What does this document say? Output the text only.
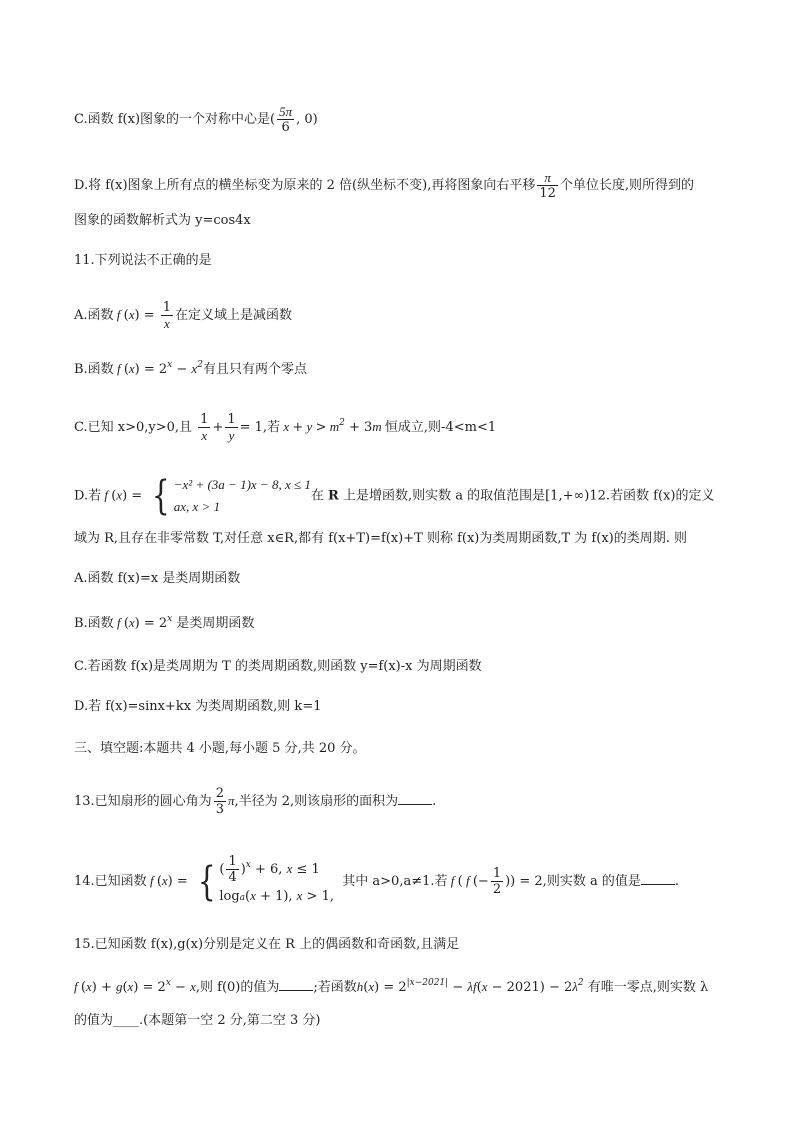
C.函数 f(x)图象的一个对称中心是( $\frac{5\pi}{6}$ , 0)
D.将 f(x)图象上所有点的横坐标变为原来的 2 倍(纵坐标不变),再将图象向右平移 $\frac{\pi}{12}$ 个单位长度,则所得到的
图象的函数解析式为 y=cos4x
11.下列说法不正确的是
A.函数 f $(x) = \frac{1}{x}$ 在定义域上是减函数
B.函数 f $(x) = 2^x - x^2$有且只有两个零点
C.已知 x>0,y>0,且 $\frac{1}{x} + \frac{1}{y} = 1$,若 $x + y > m^2 + 3m$ 恒成立,则-4<m<1
D.若 f (x) = { −x² + (3a − 1)x − 8, x ≤ 1
ax, x > 1
在 R 上是增函数,则实数 a 的取值范围是[1,+∞)12.若函数 f(x)的定义
域为 R,且存在非零常数 T,对任意 x∈R,都有 f(x+T)=f(x)+T 则称 f(x)为类周期函数,T 为 f(x)的类周期. 则
A.函数 f(x)=x 是类周期函数
B.函数 f $(x) = 2^x$ 是类周期函数
C.若函数 f(x)是类周期为 T 的类周期函数,则函数 y=f(x)-x 为周期函数
D.若 f(x)=sinx+kx 为类周期函数,则 k=1
三、填空题:本题共 4 小题,每小题 5 分,共 20 分。
13.已知扇形的圆心角为 $\frac{2}{3} \pi$,半径为 2,则该扇形的面积为	.
14.已知函数 f (x) = { ( $\frac{1}{4} )^x + 6$, x ≤ 1
loga(x + 1), x > 1,
其中 a>0,a≠1.若 f ( f (− $\frac{1}{2}$ )) = 2,则实数 a 的值是	.
15.已知函数 f(x),g(x)分别是定义在 R 上的偶函数和奇函数,且满足
f $(x) + g(x) = 2^x - x$,则 f(0)的值为	;若函数$h(x) = 2^{|x-2021|} - \lambda f(x - 2021) - 2\lambda^2$ 有唯一零点,则实数 λ
的值为____.(本题第一空 2 分,第二空 3 分)
